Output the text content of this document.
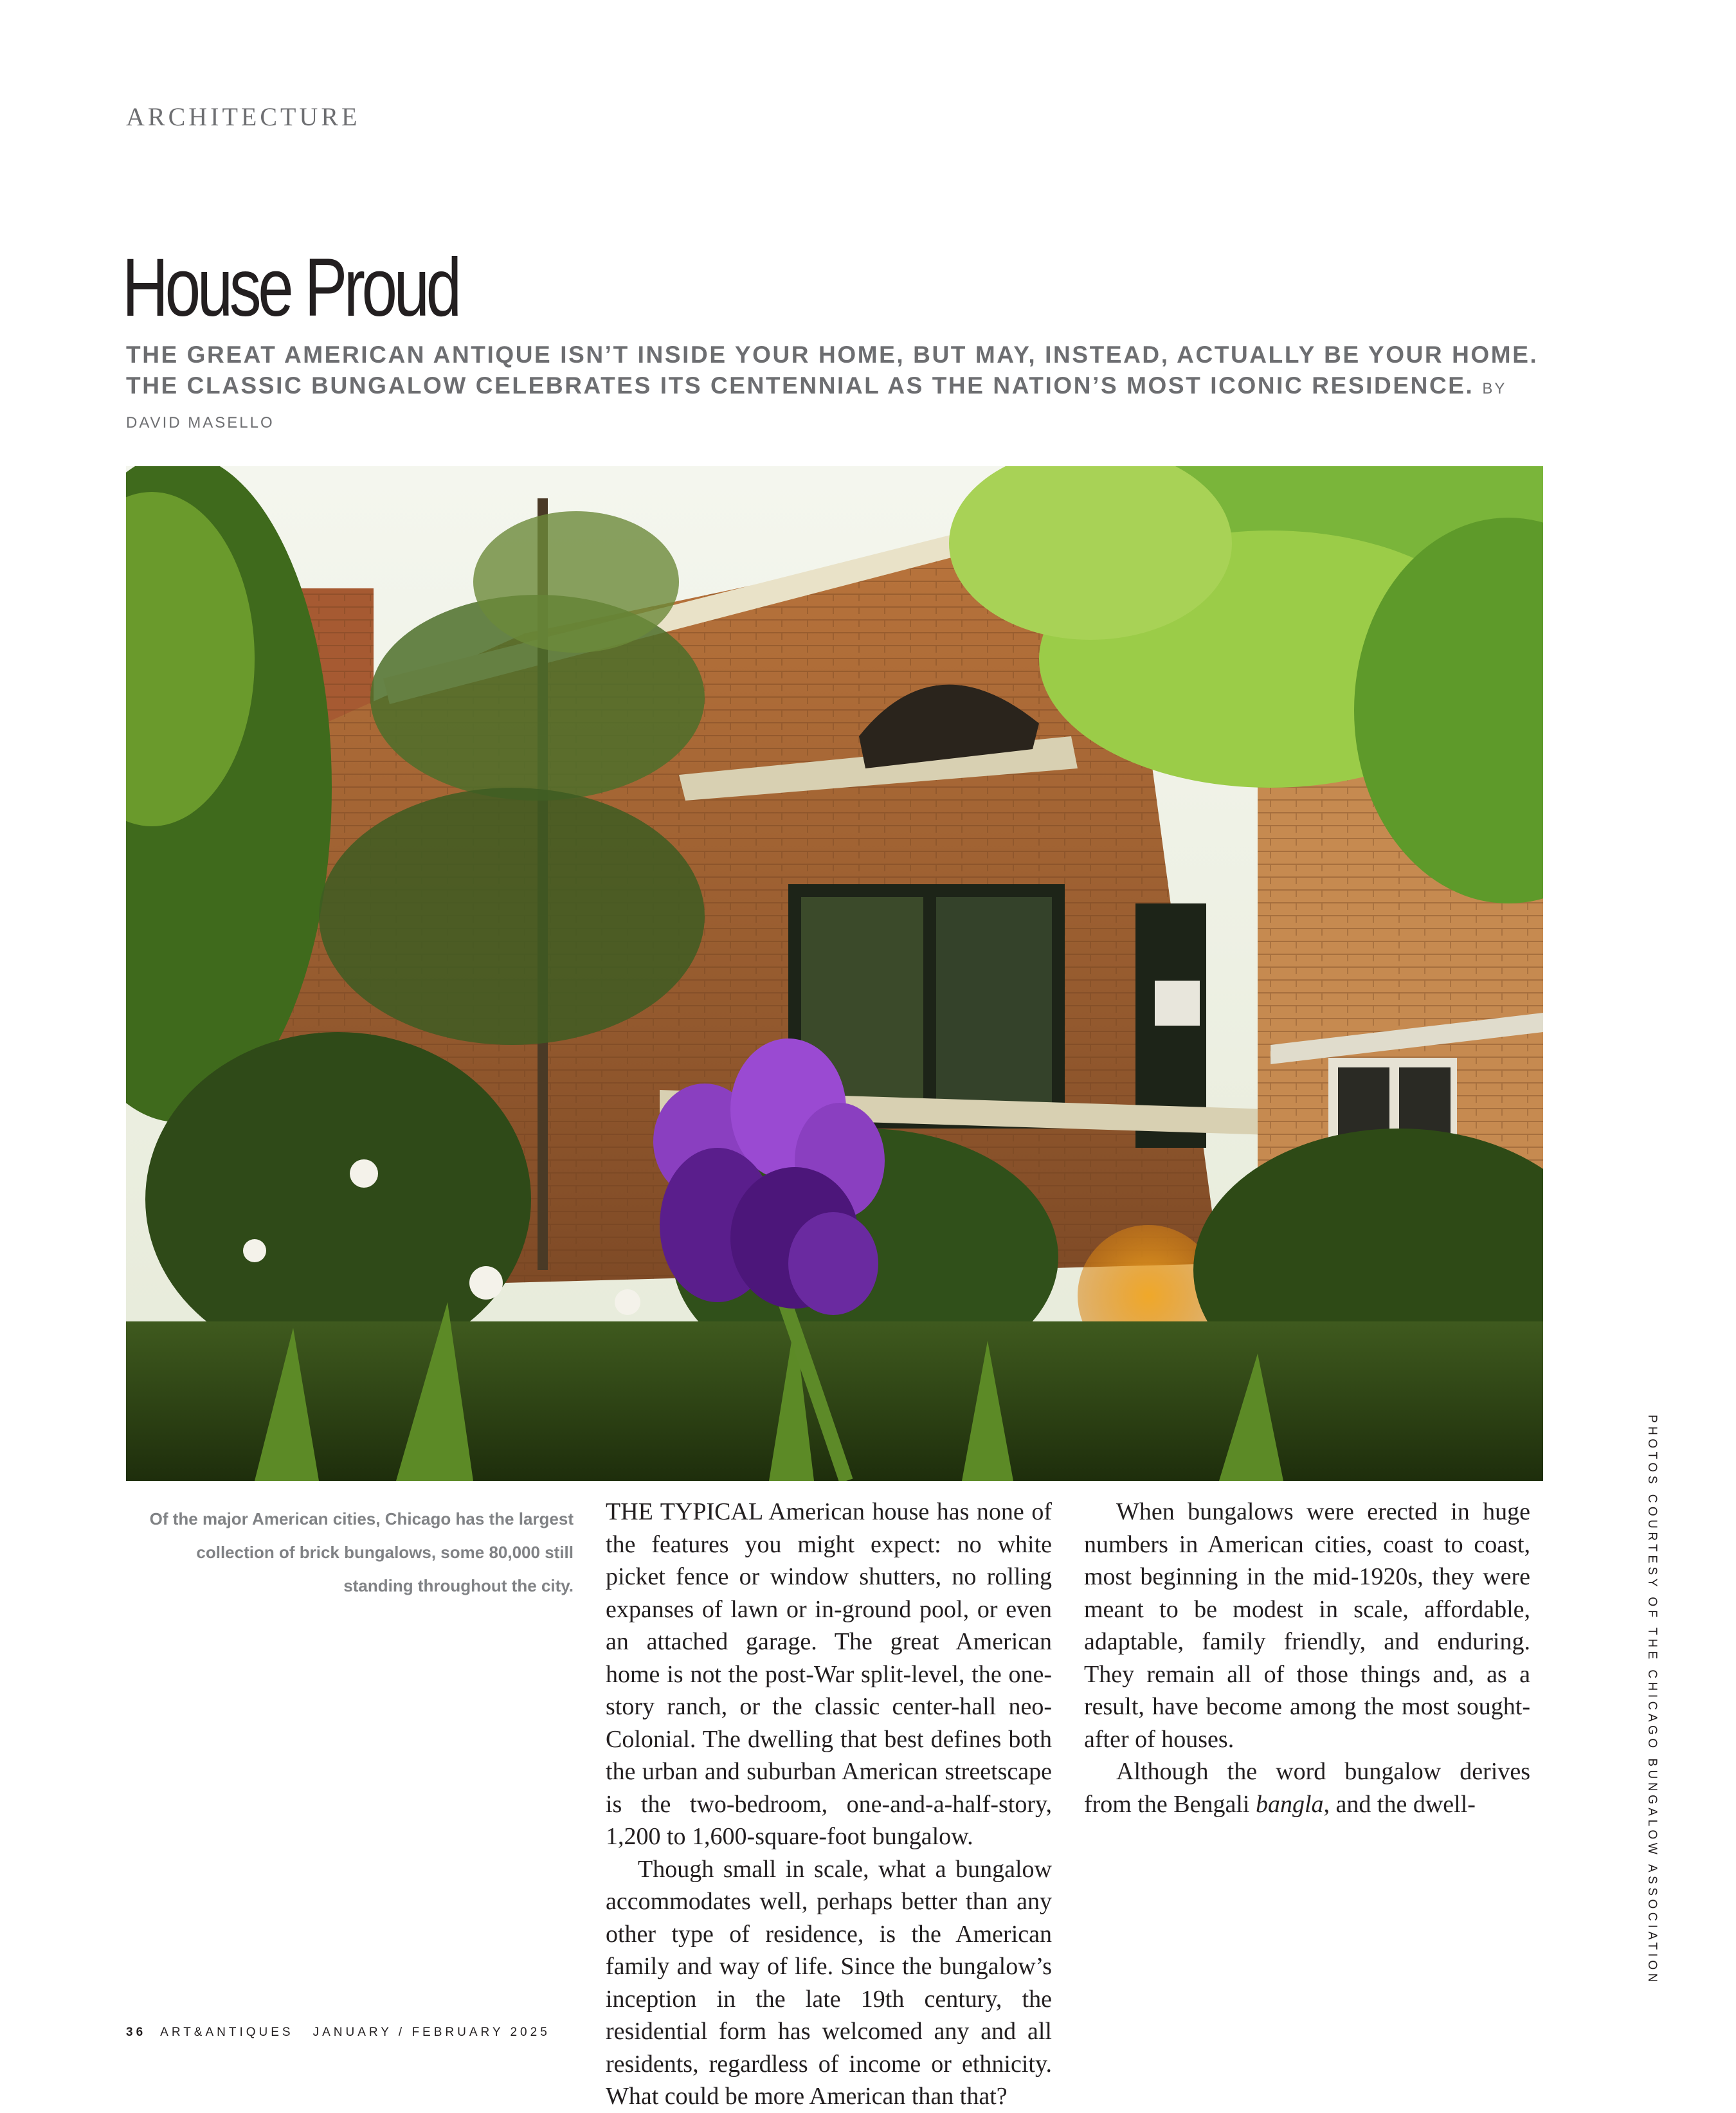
ARCHITECTURE
House Proud
THE GREAT AMERICAN ANTIQUE ISN’T INSIDE YOUR HOME, BUT MAY, INSTEAD, ACTUALLY BE YOUR HOME. THE CLASSIC BUNGALOW CELEBRATES ITS CENTENNIAL AS THE NATION’S MOST ICONIC RESIDENCE. BY DAVID MASELLO
Of the major American cities, Chicago has the largest collection of brick bungalows, some 80,000 still standing throughout the city.

THE TYPICAL American house has none of the features you might expect: no white picket fence or window shutters, no rolling expanses of lawn or in-ground pool, or even an attached garage. The great American home is not the post-War split-level, the one-story ranch, or the classic center-hall neo-Colonial. The dwelling that best defines both the urban and suburban American streetscape is the two-bedroom, one-and-a-half-story, 1,200 to 1,600-square-foot bungalow.

Though small in scale, what a bungalow accommodates well, perhaps better than any other type of residence, is the American family and way of life. Since the bungalow’s inception in the late 19th century, the residential form has welcomed any and all residents, regardless of income or ethnicity. What could be more American than that?

When bungalows were erected in huge numbers in American cities, coast to coast, most beginning in the mid-1920s, they were meant to be modest in scale, affordable, adaptable, family friendly, and enduring. They remain all of those things and, as a result, have become among the most sought-after of houses.

Although the word bungalow derives from the Bengali bangla, and the dwell-	PHOTOS COURTESY OF THE CHICAGO BUNGALOW ASSOCIATION
36 ART&ANTIQUES JANUARY / FEBRUARY 2025
